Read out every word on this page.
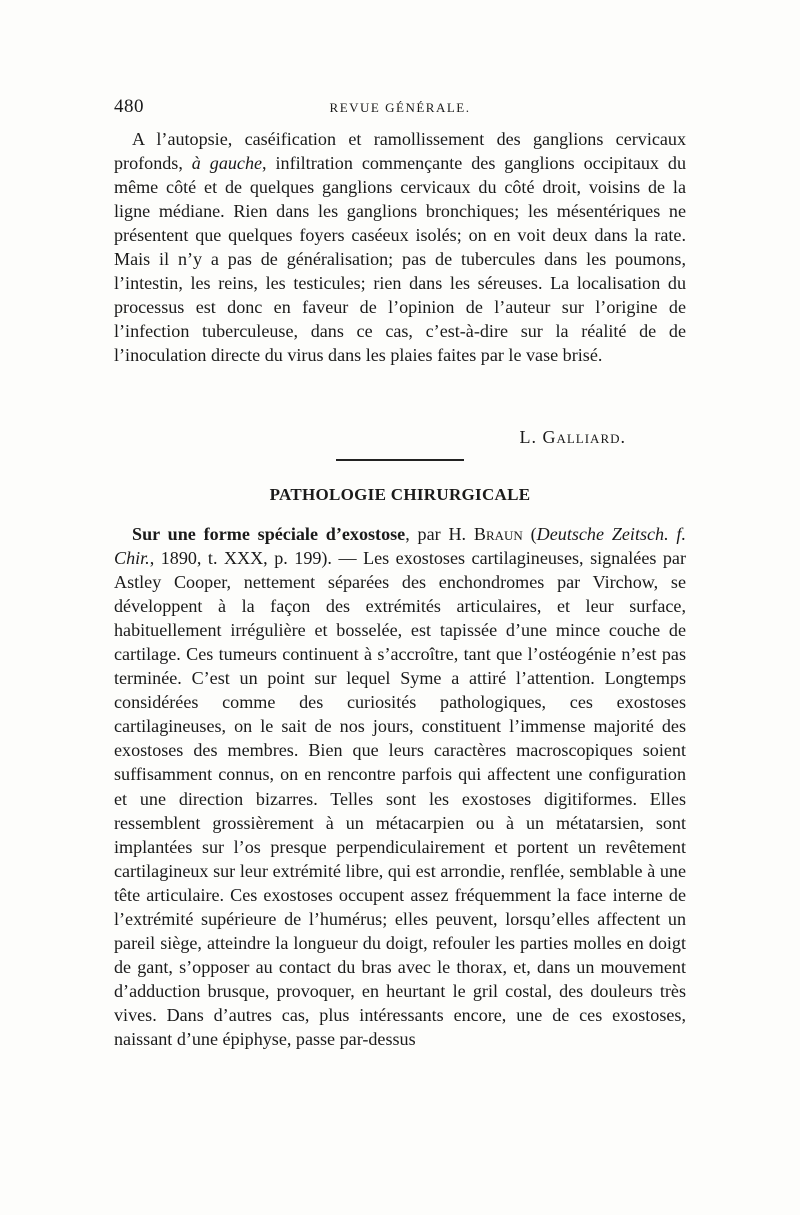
480	REVUE GÉNÉRALE.

A l’autopsie, caséification et ramollissement des ganglions cervicaux profonds, à gauche, infiltration commençante des ganglions occipitaux du même côté et de quelques ganglions cervicaux du côté droit, voisins de la ligne médiane. Rien dans les ganglions bronchiques; les mésentériques ne présentent que quelques foyers caséeux isolés; on en voit deux dans la rate. Mais il n’y a pas de généralisation; pas de tubercules dans les poumons, l’intestin, les reins, les testicules; rien dans les séreuses. La localisation du processus est donc en faveur de l’opinion de l’auteur sur l’origine de l’infection tuberculeuse, dans ce cas, c’est-à-dire sur la réalité de de l’inoculation directe du virus dans les plaies faites par le vase brisé.

L. Galliard.
PATHOLOGIE CHIRURGICALE

Sur une forme spéciale d’exostose, par H. Braun (Deutsche Zeitsch. f. Chir., 1890, t. XXX, p. 199). — Les exostoses cartilagineuses, signalées par Astley Cooper, nettement séparées des enchondromes par Virchow, se développent à la façon des extrémités articulaires, et leur surface, habituellement irrégulière et bosselée, est tapissée d’une mince couche de cartilage. Ces tumeurs continuent à s’accroître, tant que l’ostéogénie n’est pas terminée. C’est un point sur lequel Syme a attiré l’attention. Longtemps considérées comme des curiosités pathologiques, ces exostoses cartilagineuses, on le sait de nos jours, constituent l’immense majorité des exostoses des membres. Bien que leurs caractères macroscopiques soient suffisamment connus, on en rencontre parfois qui affectent une configuration et une direction bizarres. Telles sont les exostoses digitiformes. Elles ressemblent grossièrement à un métacarpien ou à un métatarsien, sont implantées sur l’os presque perpendiculairement et portent un revêtement cartilagineux sur leur extrémité libre, qui est arrondie, renflée, semblable à une tête articulaire. Ces exostoses occupent assez fréquemment la face interne de l’extrémité supérieure de l’humérus; elles peuvent, lorsqu’elles affectent un pareil siège, atteindre la longueur du doigt, refouler les parties molles en doigt de gant, s’opposer au contact du bras avec le thorax, et, dans un mouvement d’adduction brusque, provoquer, en heurtant le gril costal, des douleurs très vives. Dans d’autres cas, plus intéressants encore, une de ces exostoses, naissant d’une épiphyse, passe par-dessus
